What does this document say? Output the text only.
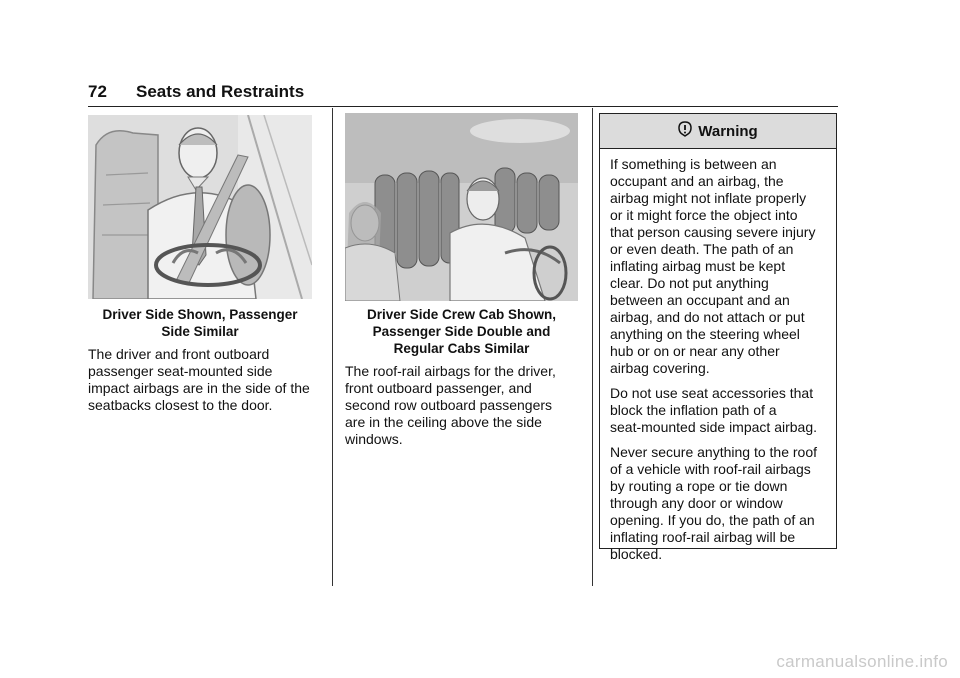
72 Seats and Restraints
Driver Side Shown, Passenger
Side Similar
The driver and front outboard
passenger seat-mounted side
impact airbags are in the side of the
seatbacks closest to the door.
Driver Side Crew Cab Shown,
Passenger Side Double and
Regular Cabs Similar
The roof-rail airbags for the driver,
front outboard passenger, and
second row outboard passengers
are in the ceiling above the side
windows.
Warning

If something is between an
occupant and an airbag, the
airbag might not inflate properly
or it might force the object into
that person causing severe injury
or even death. The path of an
inflating airbag must be kept
clear. Do not put anything
between an occupant and an
airbag, and do not attach or put
anything on the steering wheel
hub or on or near any other
airbag covering.

Do not use seat accessories that
block the inflation path of a
seat-mounted side impact airbag.

Never secure anything to the roof
of a vehicle with roof-rail airbags
by routing a rope or tie down
through any door or window
opening. If you do, the path of an
inflating roof-rail airbag will be
blocked.

carmanualsonline.info
